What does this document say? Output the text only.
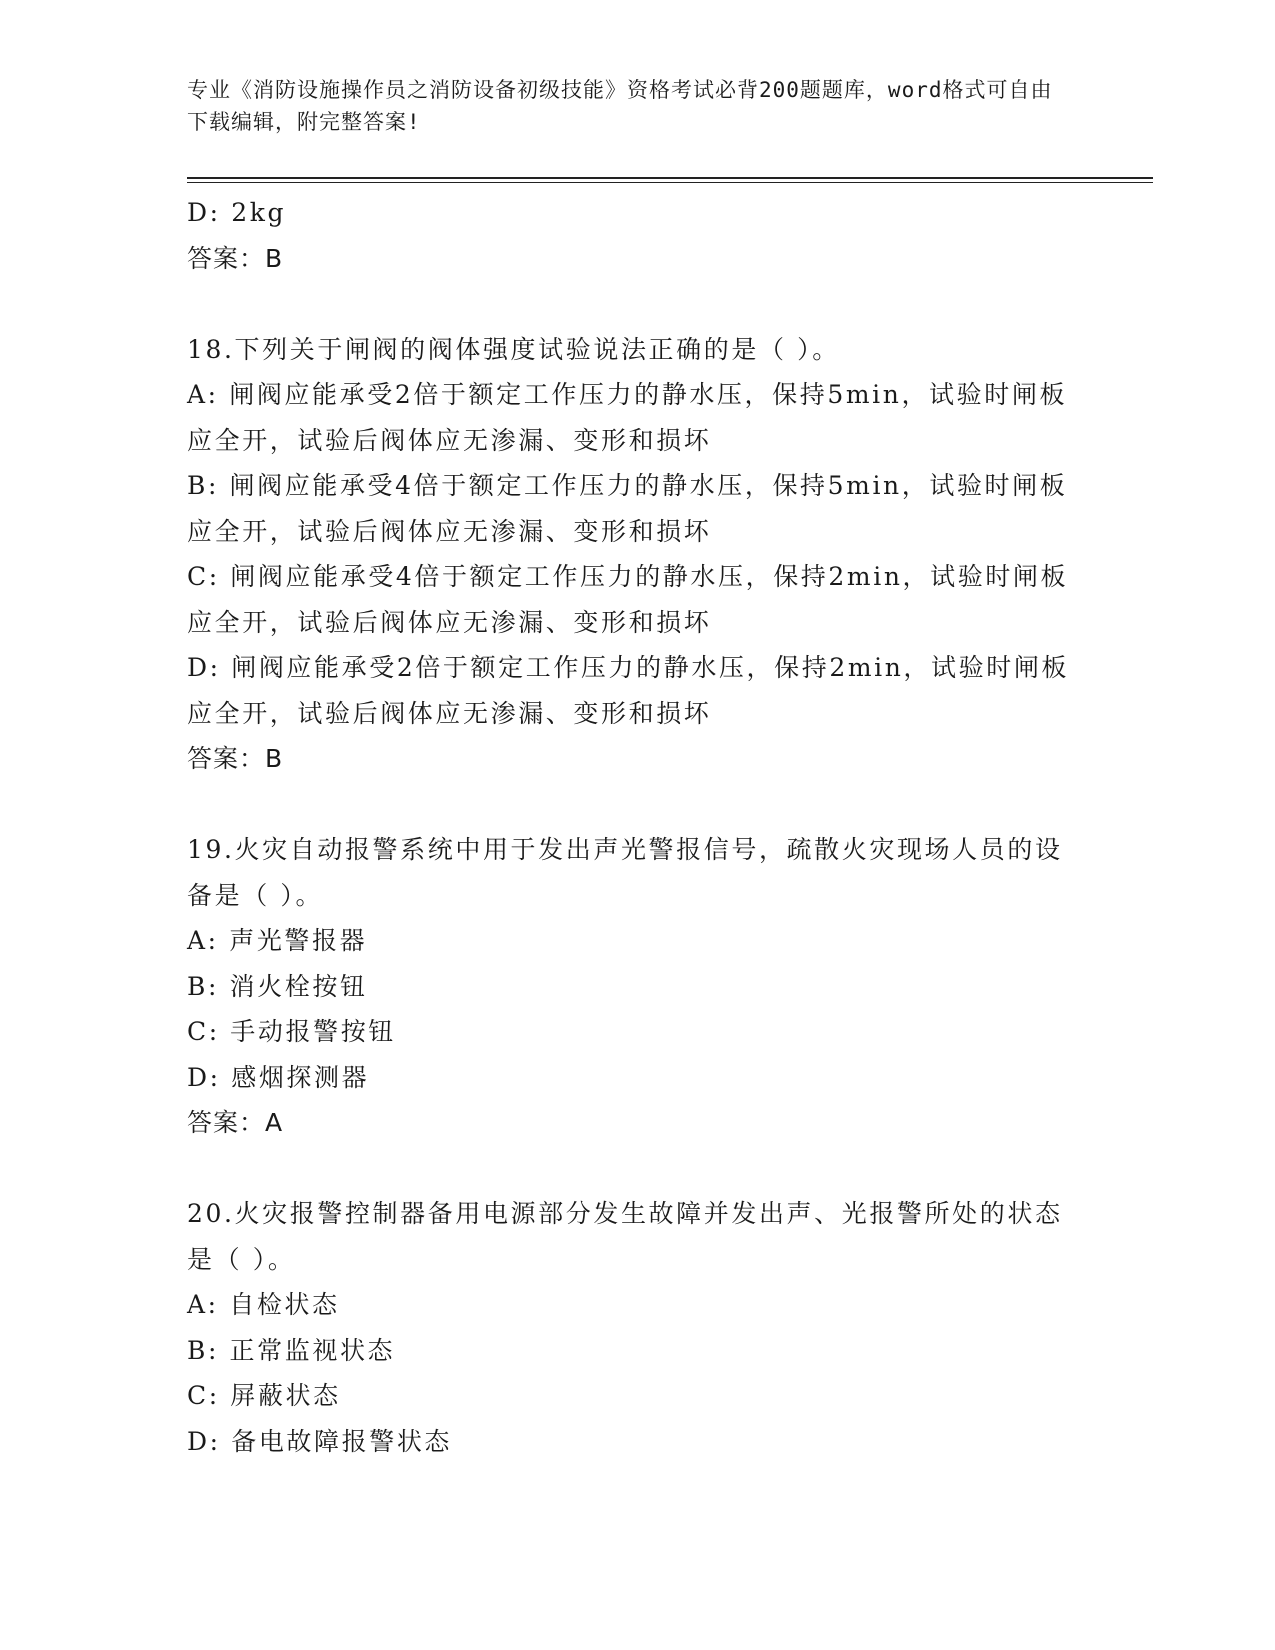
专业《消防设施操作员之消防设备初级技能》资格考试必背200题题库，word格式可自由下载编辑，附完整答案!

D: 2kg

答案：B

18.下列关于闸阀的阀体强度试验说法正确的是（ ）。

A: 闸阀应能承受2倍于额定工作压力的静水压，保持5min，试验时闸板应全开，试验后阀体应无渗漏、变形和损坏

B: 闸阀应能承受4倍于额定工作压力的静水压，保持5min，试验时闸板应全开，试验后阀体应无渗漏、变形和损坏

C: 闸阀应能承受4倍于额定工作压力的静水压，保持2min，试验时闸板应全开，试验后阀体应无渗漏、变形和损坏

D: 闸阀应能承受2倍于额定工作压力的静水压，保持2min，试验时闸板应全开，试验后阀体应无渗漏、变形和损坏

答案：B

19.火灾自动报警系统中用于发出声光警报信号，疏散火灾现场人员的设备是（ ）。

A: 声光警报器

B: 消火栓按钮

C: 手动报警按钮

D: 感烟探测器

答案：A

20.火灾报警控制器备用电源部分发生故障并发出声、光报警所处的状态是（ ）。

A: 自检状态

B: 正常监视状态

C: 屏蔽状态

D: 备电故障报警状态
